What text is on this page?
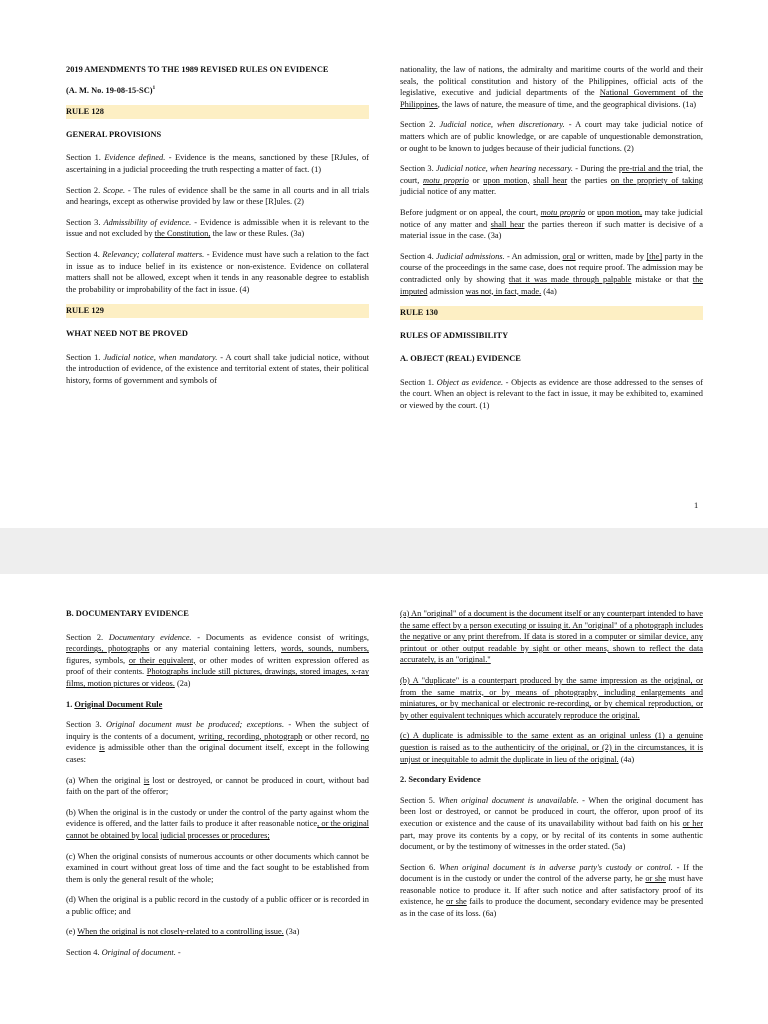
2019 AMENDMENTS TO THE 1989 REVISED RULES ON EVIDENCE

(A. M. No. 19-08-15-SC)$^1$

RULE 128
GENERAL PROVISIONS

Section 1. Evidence defined. - Evidence is the means, sanctioned by these [RJules, of ascertaining in a judicial proceeding the truth respecting a matter of fact. (1)

Section 2. Scope. - The rules of evidence shall be the same in all courts and in all trials and hearings, except as otherwise provided by law or these [R]ules. (2)

Section 3. Admissibility of evidence. - Evidence is admissible when it is relevant to the issue and not excluded by the Constitution, the law or these Rules. (3a)

Section 4. Relevancy; collateral matters. - Evidence must have such a relation to the fact in issue as to induce belief in its existence or non-existence. Evidence on collateral matters shall not be allowed, except when it tends in any reasonable degree to establish the probability or improbability of the fact in issue. (4)

RULE 129
WHAT NEED NOT BE PROVED

Section 1. Judicial notice, when mandatory. - A court shall take judicial notice, without the introduction of evidence, of the existence and territorial extent of states, their political history, forms of government and symbols of

nationality, the law of nations, the admiralty and maritime courts of the world and their seals, the political constitution and history of the Philippines, official acts of the legislative, executive and judicial departments of the National Government of the Philippines, the laws of nature, the measure of time, and the geographical divisions. (1a)

Section 2. Judicial notice, when discretionary. - A court may take judicial notice of matters which are of public knowledge, or are capable of unquestionable demonstration, or ought to be known to judges because of their judicial functions. (2)

Section 3. Judicial notice, when hearing necessary. - During the pre-trial and the trial, the court, motu proprio or upon motion, shall hear the parties on the propriety of taking judicial notice of any matter.

Before judgment or on appeal, the court, motu proprio or upon motion, may take judicial notice of any matter and shall hear the parties thereon if such matter is decisive of a material issue in the case. (3a)

Section 4. Judicial admissions. - An admission, oral or written, made by [the] party in the course of the proceedings in the same case, does not require proof. The admission may be contradicted only by showing that it was made through palpable mistake or that the imputed admission was not, in fact, made. (4a)

RULE 130
RULES OF ADMISSIBILITY
A. OBJECT (REAL) EVIDENCE

Section 1. Object as evidence. - Objects as evidence are those addressed to the senses of the court. When an object is relevant to the fact in issue, it may be exhibited to, examined or viewed by the court. (1)

1
B. DOCUMENTARY EVIDENCE

Section 2. Documentary evidence. - Documents as evidence consist of writings, recordings, photographs or any material containing letters, words, sounds, numbers, figures, symbols, or their equivalent, or other modes of written expression offered as proof of their contents. Photographs include still pictures, drawings, stored images, x-ray films, motion pictures or videos. (2a)

1. Original Document Rule

Section 3. Original document must be produced; exceptions. - When the subject of inquiry is the contents of a document, writing, recording, photograph or other record, no evidence is admissible other than the original document itself, except in the following cases:

(a) When the original is lost or destroyed, or cannot be produced in court, without bad faith on the part of the offeror;

(b) When the original is in the custody or under the control of the party against whom the evidence is offered, and the latter fails to produce it after reasonable notice, or the original cannot be obtained by local judicial processes or procedures;

(c) When the original consists of numerous accounts or other documents which cannot be examined in court without great loss of time and the fact sought to be established from them is only the general result of the whole;

(d) When the original is a public record in the custody of a public officer or is recorded in a public office; and

(e) When the original is not closely-related to a controlling issue. (3a)

Section 4. Original of document. -

(a) An "original" of a document is the document itself or any counterpart intended to have the same effect by a person executing or issuing it. An "original" of a photograph includes the negative or any print therefrom. If data is stored in a computer or similar device, any printout or other output readable by sight or other means, shown to reflect the data accurately, is an "original."

(b) A "duplicate" is a counterpart produced by the same impression as the original, or from the same matrix, or by means of photography, including enlargements and miniatures, or by mechanical or electronic re-recording, or by chemical reproduction, or by other equivalent techniques which accurately reproduce the original.

(c) A duplicate is admissible to the same extent as an original unless (1) a genuine question is raised as to the authenticity of the original, or (2) in the circumstances, it is unjust or inequitable to admit the duplicate in lieu of the original. (4a)

2. Secondary Evidence

Section 5. When original document is unavailable. - When the original document has been lost or destroyed, or cannot be produced in court, the offeror, upon proof of its execution or existence and the cause of its unavailability without bad faith on his or her part, may prove its contents by a copy, or by recital of its contents in some authentic document, or by the testimony of witnesses in the order stated. (5a)

Section 6. When original document is in adverse party's custody or control. - If the document is in the custody or under the control of the adverse party, he or she must have reasonable notice to produce it. If after such notice and after satisfactory proof of its existence, he or she fails to produce the document, secondary evidence may be presented as in the case of its loss. (6a)
